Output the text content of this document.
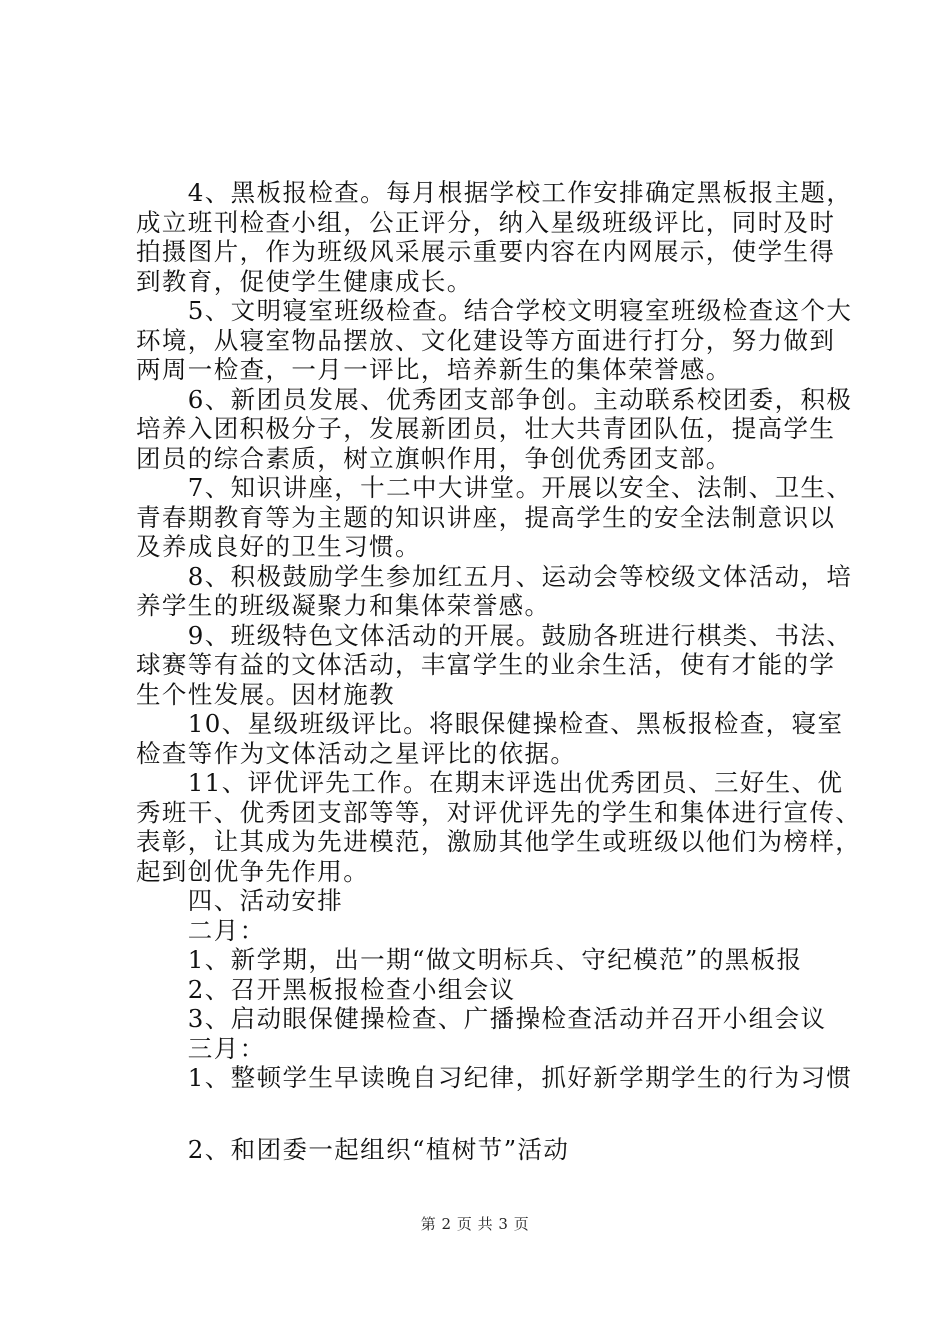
　　4、黑板报检查。每月根据学校工作安排确定黑板报主题，
成立班刊检查小组，公正评分，纳入星级班级评比，同时及时
拍摄图片，作为班级风采展示重要内容在内网展示，使学生得
到教育，促使学生健康成长。
　　5、文明寝室班级检查。结合学校文明寝室班级检查这个大
环境，从寝室物品摆放、文化建设等方面进行打分，努力做到
两周一检查，一月一评比，培养新生的集体荣誉感。
　　6、新团员发展、优秀团支部争创。主动联系校团委，积极
培养入团积极分子，发展新团员，壮大共青团队伍，提高学生
团员的综合素质，树立旗帜作用，争创优秀团支部。
　　7、知识讲座，十二中大讲堂。开展以安全、法制、卫生、
青春期教育等为主题的知识讲座，提高学生的安全法制意识以
及养成良好的卫生习惯。
　　8、积极鼓励学生参加红五月、运动会等校级文体活动，培
养学生的班级凝聚力和集体荣誉感。
　　9、班级特色文体活动的开展。鼓励各班进行棋类、书法、
球赛等有益的文体活动，丰富学生的业余生活，使有才能的学
生个性发展。因材施教
　　10、星级班级评比。将眼保健操检查、黑板报检查，寝室
检查等作为文体活动之星评比的依据。
　　11、评优评先工作。在期末评选出优秀团员、三好生、优
秀班干、优秀团支部等等，对评优评先的学生和集体进行宣传、
表彰，让其成为先进模范，激励其他学生或班级以他们为榜样，
起到创优争先作用。
　　四、活动安排
　　二月：
　　1、新学期，出一期“做文明标兵、守纪模范”的黑板报
　　2、召开黑板报检查小组会议
　　3、启动眼保健操检查、广播操检查活动并召开小组会议
　　三月：
　　1、整顿学生早读晚自习纪律，抓好新学期学生的行为习惯
　　2、和团委一起组织“植树节”活动
第 2 页 共 3 页
